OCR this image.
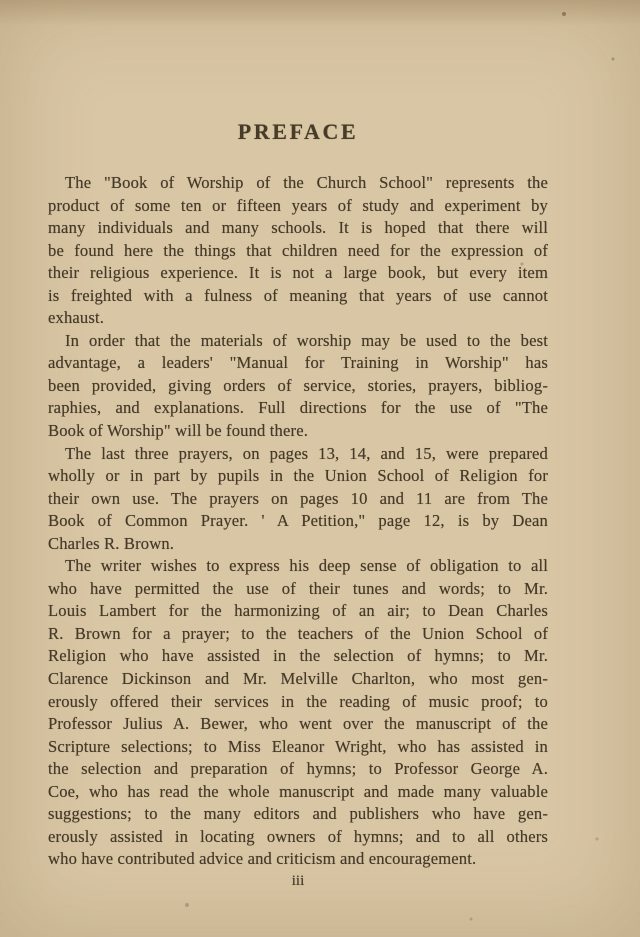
PREFACE
The "Book of Worship of the Church School" represents the
product of some ten or fifteen years of study and experiment by
many individuals and many schools. It is hoped that there will
be found here the things that children need for the expression of
their religious experience. It is not a large book, but every item
is freighted with a fulness of meaning that years of use cannot
exhaust.
In order that the materials of worship may be used to the best
advantage, a leaders' "Manual for Training in Worship" has
been provided, giving orders of service, stories, prayers, bibliog-
raphies, and explanations. Full directions for the use of "The
Book of Worship" will be found there.
The last three prayers, on pages 13, 14, and 15, were prepared
wholly or in part by pupils in the Union School of Religion for
their own use. The prayers on pages 10 and 11 are from The
Book of Common Prayer. ' A Petition," page 12, is by Dean
Charles R. Brown.
The writer wishes to express his deep sense of obligation to all
who have permitted the use of their tunes and words; to Mr.
Louis Lambert for the harmonizing of an air; to Dean Charles
R. Brown for a prayer; to the teachers of the Union School of
Religion who have assisted in the selection of hymns; to Mr.
Clarence Dickinson and Mr. Melville Charlton, who most gen-
erously offered their services in the reading of music proof; to
Professor Julius A. Bewer, who went over the manuscript of the
Scripture selections; to Miss Eleanor Wright, who has assisted in
the selection and preparation of hymns; to Professor George A.
Coe, who has read the whole manuscript and made many valuable
suggestions; to the many editors and publishers who have gen-
erously assisted in locating owners of hymns; and to all others
who have contributed advice and criticism and encouragement.
iii
